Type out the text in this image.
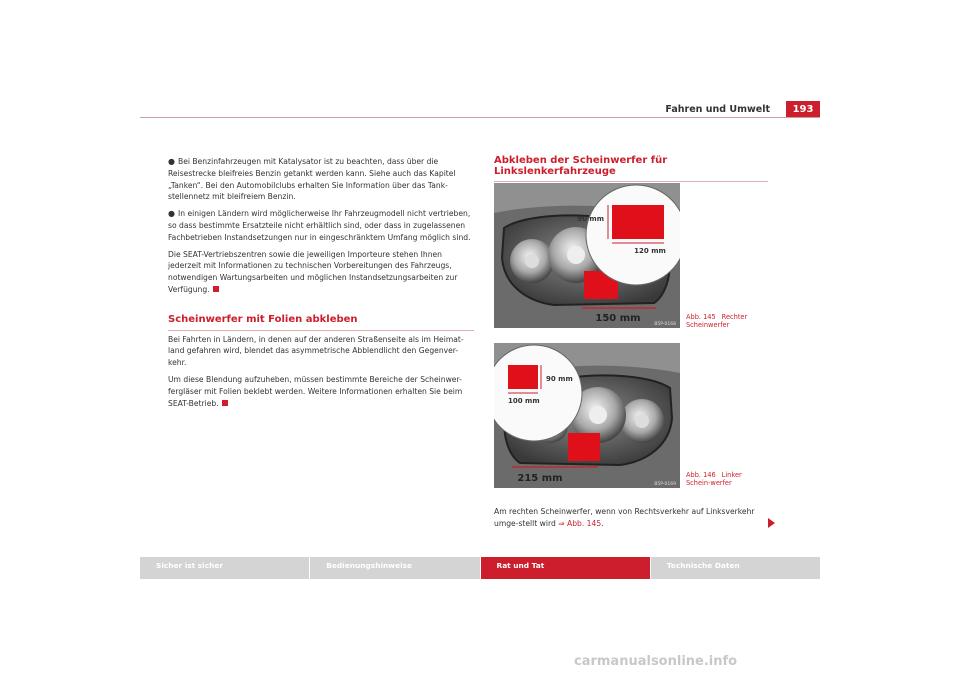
Fahren und Umwelt	193
● Bei Benzinfahrzeugen mit Katalysator ist zu beachten, dass über die Reisestrecke bleifreies Benzin getankt werden kann. Siehe auch das Kapitel „Tanken“. Bei den Automobilclubs erhalten Sie Information über das Tank-stellennetz mit bleifreiem Benzin.
● In einigen Ländern wird möglicherweise Ihr Fahrzeugmodell nicht vertrieben, so dass bestimmte Ersatzteile nicht erhältlich sind, oder dass in zugelassenen Fachbetrieben Instandsetzungen nur in eingeschränktem Umfang möglich sind.

Die SEAT-Vertriebszentren sowie die jeweiligen Importeure stehen Ihnen jederzeit mit Informationen zu technischen Vorbereitungen des Fahrzeugs, notwendigen Wartungsarbeiten und möglichen Instandsetzungsarbeiten zur Verfügung.

Scheinwerfer mit Folien abkleben

Bei Fahrten in Ländern, in denen auf der anderen Straßenseite als im Heimat-land gefahren wird, blendet das asymmetrische Abblendlicht den Gegenver-kehr.

Um diese Blendung aufzuheben, müssen bestimmte Bereiche der Scheinwer-fergläser mit Folien beklebt werden. Weitere Informationen erhalten Sie beim SEAT-Betrieb.

Abkleben der Scheinwerfer für Linkslenkerfahrzeuge
90 mm
120 mm
150 mm
B5P-0168
Abb. 145 Rechter Scheinwerfer
90 mm
100 mm
215 mm
B5P-0169
Abb. 146 Linker Schein-werfer
Am rechten Scheinwerfer, wenn von Rechtsverkehr auf Linksverkehr umge-stellt wird ⇒ Abb. 145.
Sicher ist sicher	Bedienungshinweise	Rat und Tat	Technische Daten
carmanualsonline.info
